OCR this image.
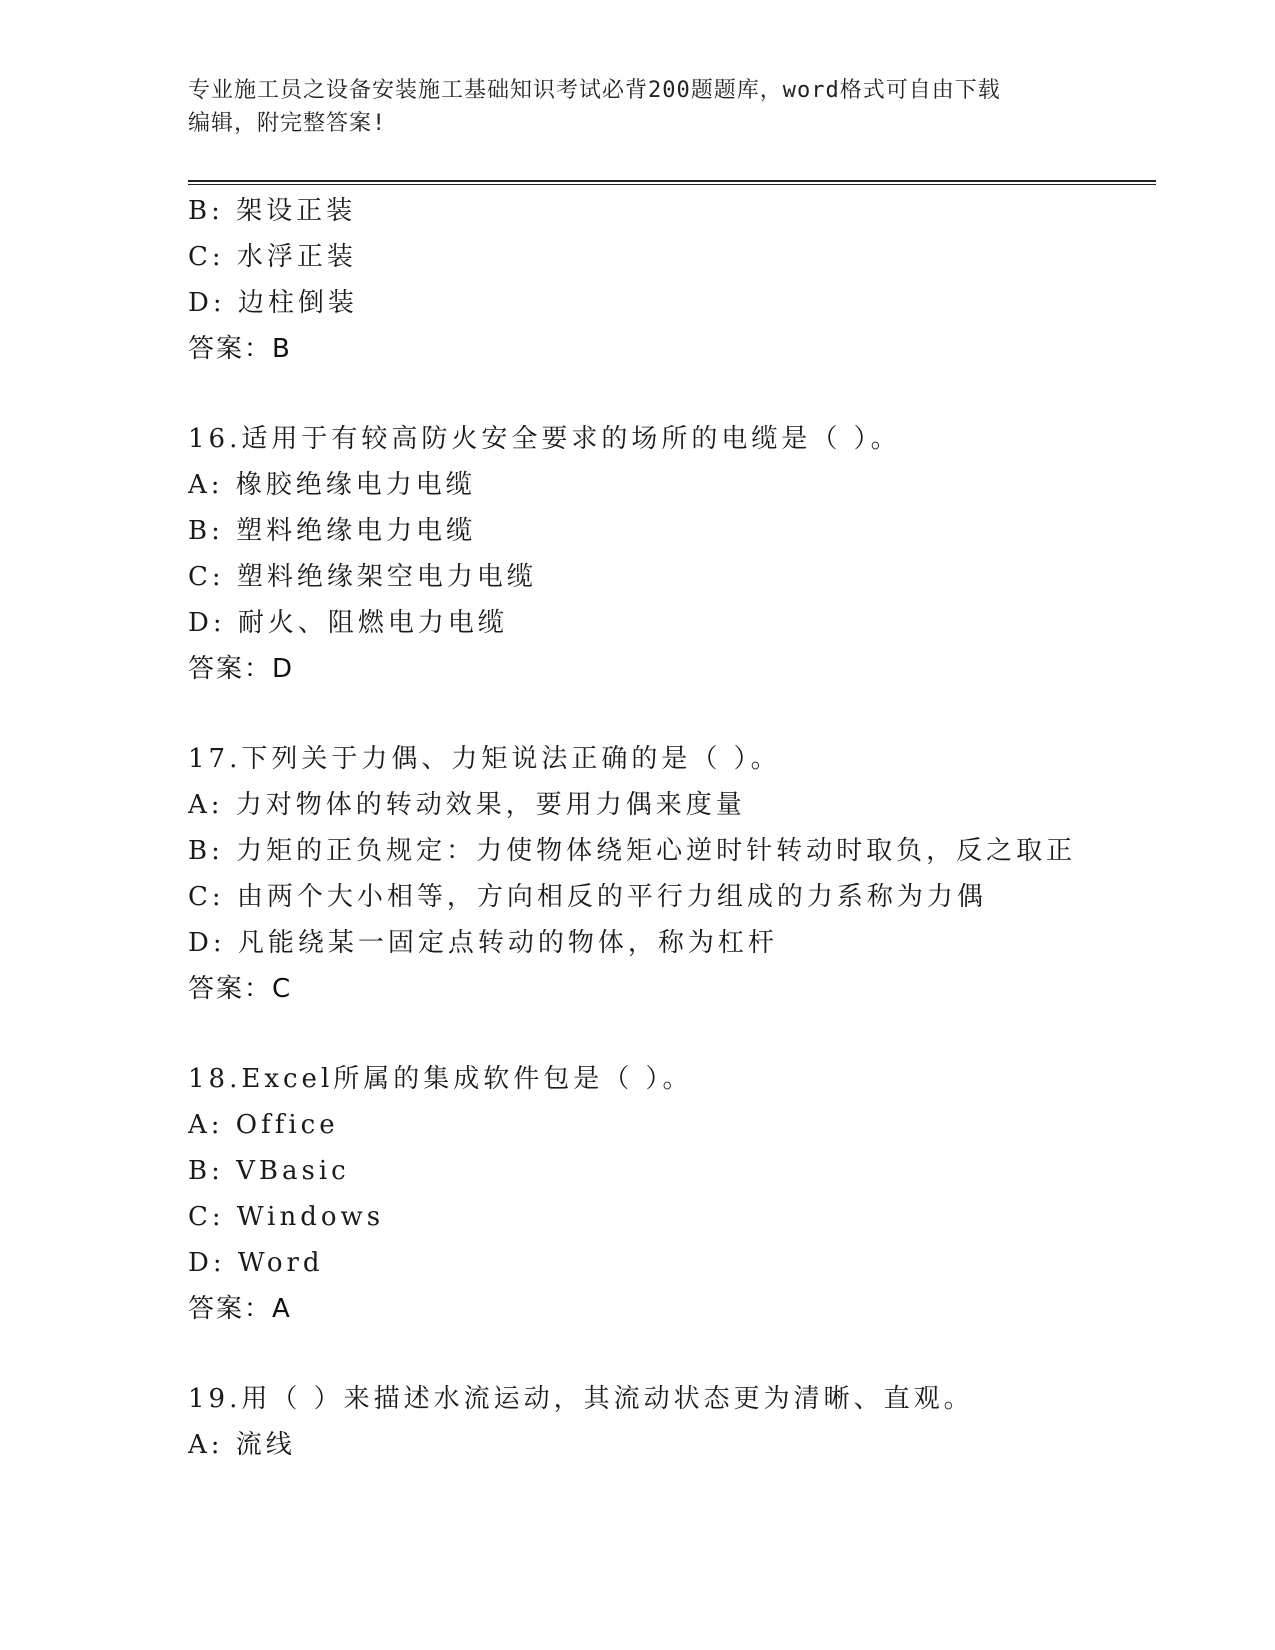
专业施工员之设备安装施工基础知识考试必背200题题库，word格式可自由下载
编辑，附完整答案!
B: 架设正装
C: 水浮正装
D: 边柱倒装
答案：B
16.适用于有较高防火安全要求的场所的电缆是（ ）。
A: 橡胶绝缘电力电缆
B: 塑料绝缘电力电缆
C: 塑料绝缘架空电力电缆
D: 耐火、阻燃电力电缆
答案：D
17.下列关于力偶、力矩说法正确的是（ ）。
A: 力对物体的转动效果，要用力偶来度量
B: 力矩的正负规定：力使物体绕矩心逆时针转动时取负，反之取正
C: 由两个大小相等，方向相反的平行力组成的力系称为力偶
D: 凡能绕某一固定点转动的物体，称为杠杆
答案：C
18.Excel所属的集成软件包是（ ）。
A: Office
B: VBasic
C: Windows
D: Word
答案：A
19.用（ ）来描述水流运动，其流动状态更为清晰、直观。
A: 流线
